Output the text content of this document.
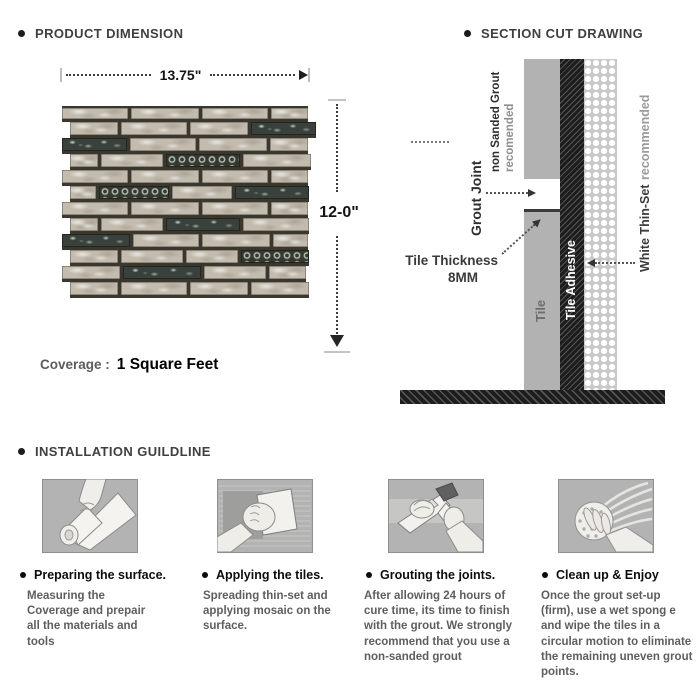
PRODUCT DIMENSION
13.75"
12-0"
Coverage : 1 Square Feet
SECTION CUT DRAWING
Grout Joint
non Sanded Grout recomended
Tile Tile Adhesive
White Thin-Set
recommended
Tile Thickness
8MM
INSTALLATION GUILDLINE
Preparing the surface.	Applying the tiles.	Grouting the joints.	Clean up & Enjoy
Measuring the Coverage and prepair all the materials and tools
Spreading thin-set and applying mosaic on the surface.
After allowing 24 hours of cure time, its time to finish with the grout. We strongly recommend that you use a non-sanded grout
Once the grout set-up (firm), use a wet spong e and wipe the tiles in a circular motion to eliminate the remaining uneven grout points.
